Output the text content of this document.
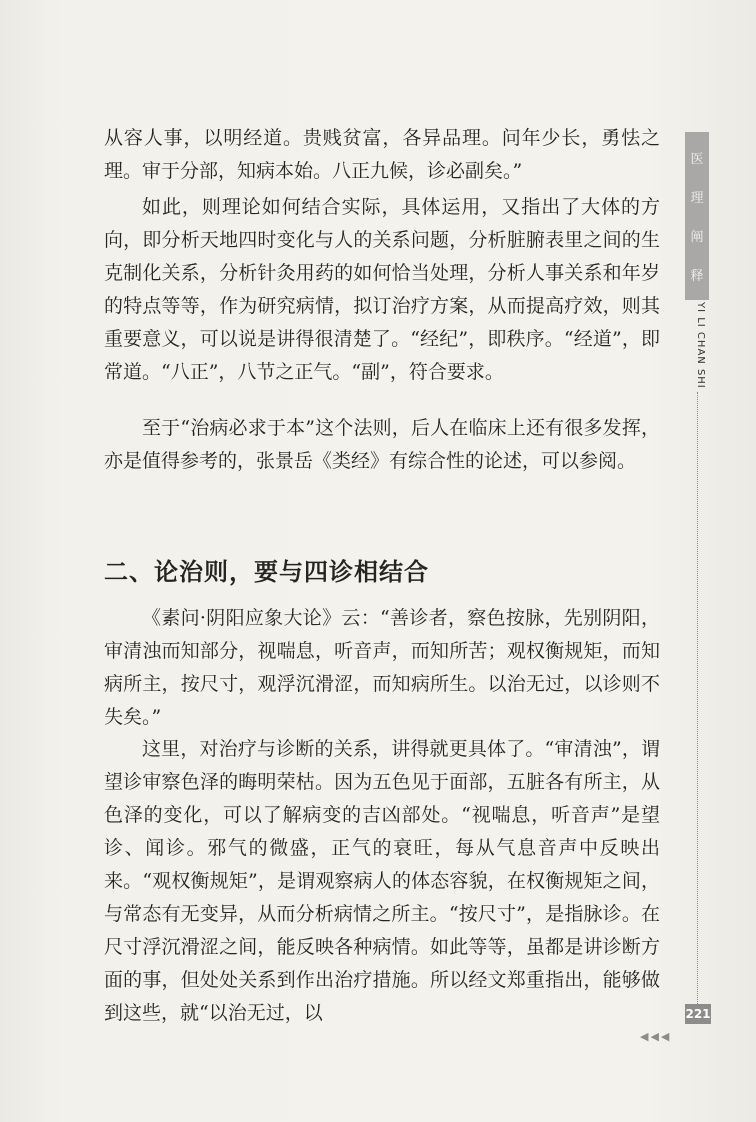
从容人事，以明经道。贵贱贫富，各异品理。问年少长，勇怯之理。审于分部，知病本始。八正九候，诊必副矣。”

如此，则理论如何结合实际，具体运用，又指出了大体的方向，即分析天地四时变化与人的关系问题，分析脏腑表里之间的生克制化关系，分析针灸用药的如何恰当处理，分析人事关系和年岁的特点等等，作为研究病情，拟订治疗方案，从而提高疗效，则其重要意义，可以说是讲得很清楚了。“经纪”，即秩序。“经道”，即常道。“八正”，八节之正气。“副”，符合要求。

至于“治病必求于本”这个法则，后人在临床上还有很多发挥，亦是值得参考的，张景岳《类经》有综合性的论述，可以参阅。

二、论治则，要与四诊相结合

《素问·阴阳应象大论》云：“善诊者，察色按脉，先别阴阳，审清浊而知部分，视喘息，听音声，而知所苦；观权衡规矩，而知病所主，按尺寸，观浮沉滑涩，而知病所生。以治无过，以诊则不失矣。”

这里，对治疗与诊断的关系，讲得就更具体了。“审清浊”，谓望诊审察色泽的晦明荣枯。因为五色见于面部，五脏各有所主，从色泽的变化，可以了解病变的吉凶部处。“视喘息，听音声”是望诊、闻诊。邪气的微盛，正气的衰旺，每从气息音声中反映出来。“观权衡规矩”，是谓观察病人的体态容貌，在权衡规矩之间，与常态有无变异，从而分析病情之所主。“按尺寸”，是指脉诊。在尺寸浮沉滑涩之间，能反映各种病情。如此等等，虽都是讲诊断方面的事，但处处关系到作出治疗措施。所以经文郑重指出，能够做到这些，就“以治无过，以

医
理
阐
释
YI LI CHAN SHI
221
◀◀◀
